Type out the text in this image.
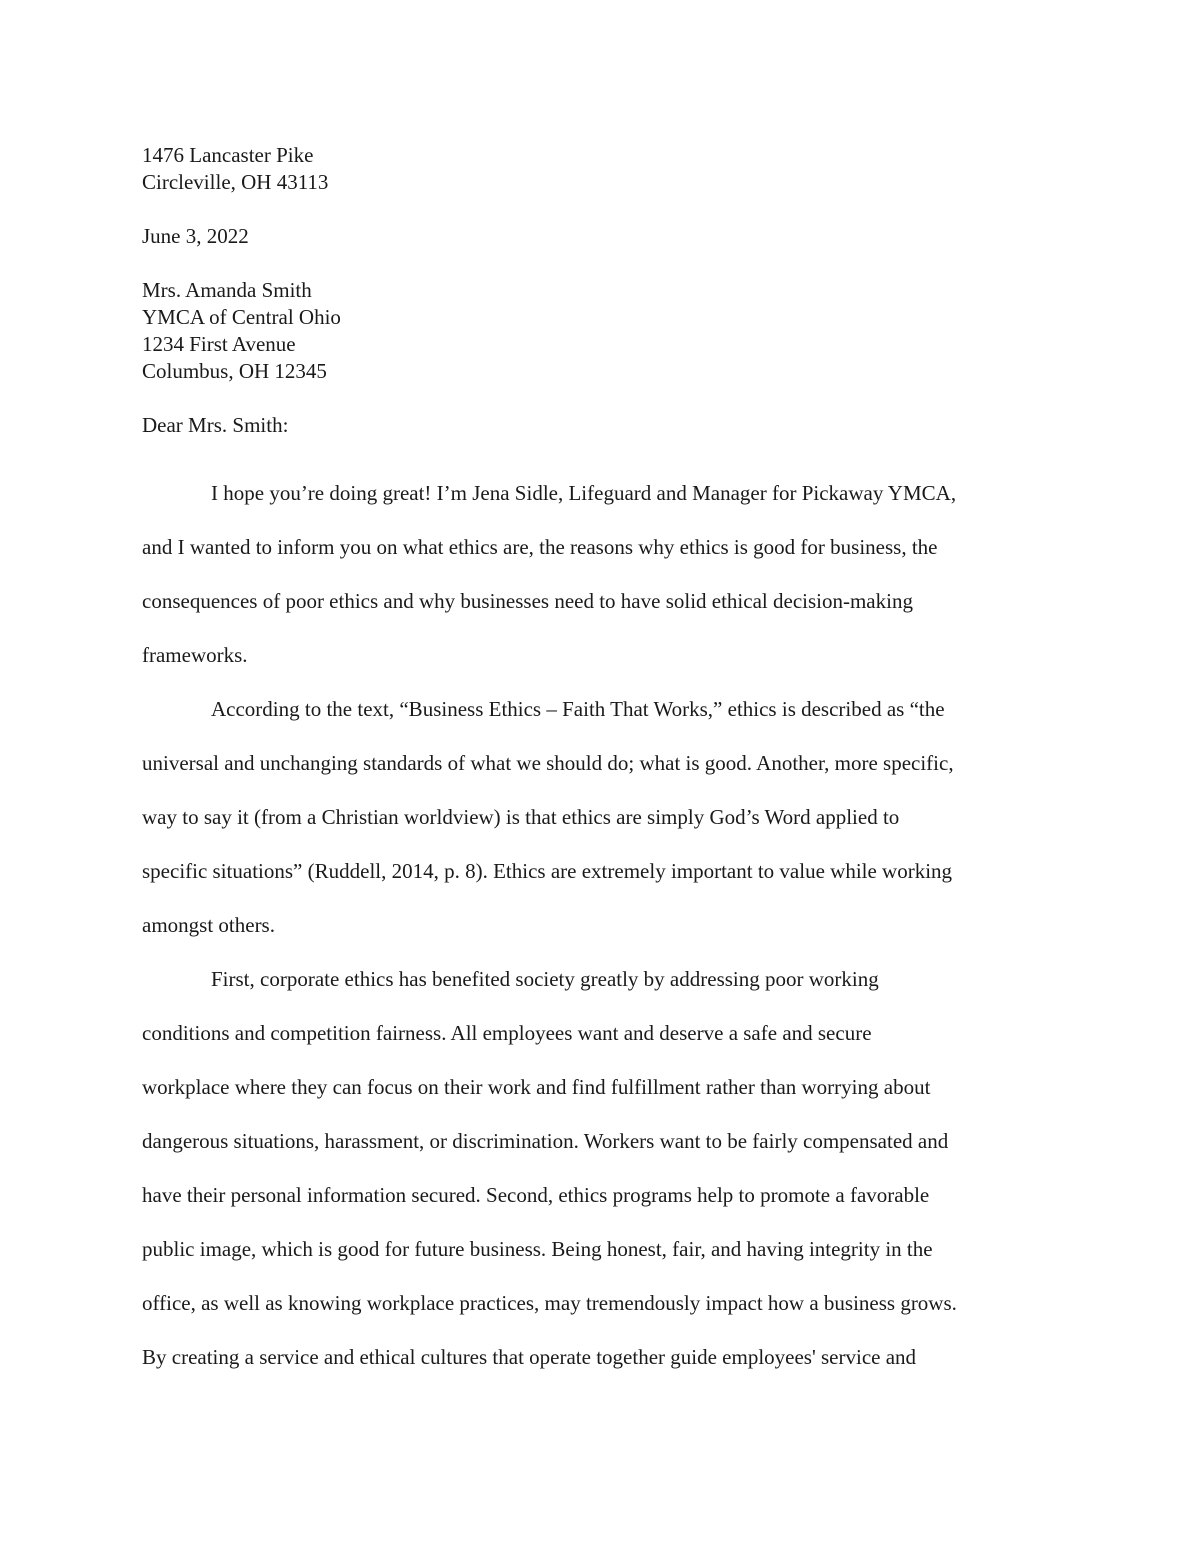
1476 Lancaster Pike
Circleville, OH 43113
June 3, 2022
Mrs. Amanda Smith
YMCA of Central Ohio
1234 First Avenue
Columbus, OH 12345
Dear Mrs. Smith:
I hope you’re doing great! I’m Jena Sidle, Lifeguard and Manager for Pickaway YMCA,
and I wanted to inform you on what ethics are, the reasons why ethics is good for business, the
consequences of poor ethics and why businesses need to have solid ethical decision-making
frameworks.
According to the text, “Business Ethics – Faith That Works,” ethics is described as “the
universal and unchanging standards of what we should do; what is good. Another, more specific,
way to say it (from a Christian worldview) is that ethics are simply God’s Word applied to
specific situations” (Ruddell, 2014, p. 8). Ethics are extremely important to value while working
amongst others.
First, corporate ethics has benefited society greatly by addressing poor working
conditions and competition fairness. All employees want and deserve a safe and secure
workplace where they can focus on their work and find fulfillment rather than worrying about
dangerous situations, harassment, or discrimination. Workers want to be fairly compensated and
have their personal information secured. Second, ethics programs help to promote a favorable
public image, which is good for future business. Being honest, fair, and having integrity in the
office, as well as knowing workplace practices, may tremendously impact how a business grows.
By creating a service and ethical cultures that operate together guide employees' service and
